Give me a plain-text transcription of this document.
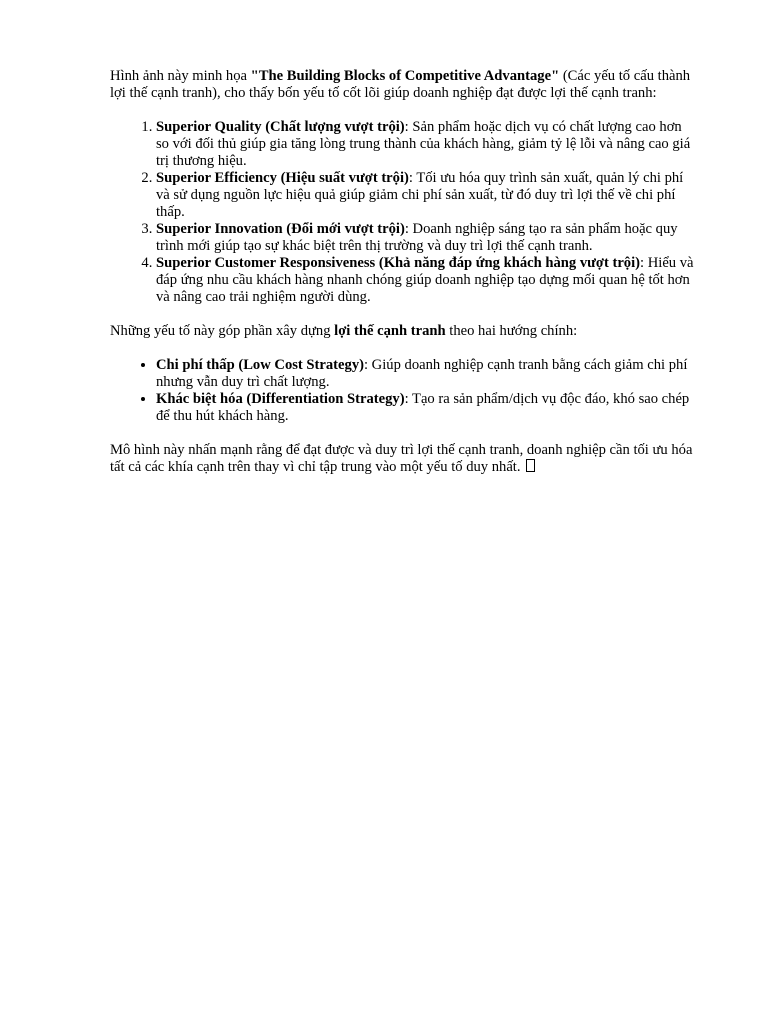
Hình ảnh này minh họa "The Building Blocks of Competitive Advantage" (Các yếu tố cấu thành lợi thế cạnh tranh), cho thấy bốn yếu tố cốt lõi giúp doanh nghiệp đạt được lợi thế cạnh tranh:

1. Superior Quality (Chất lượng vượt trội): Sản phẩm hoặc dịch vụ có chất lượng cao hơn so với đối thủ giúp gia tăng lòng trung thành của khách hàng, giảm tỷ lệ lỗi và nâng cao giá trị thương hiệu.
2. Superior Efficiency (Hiệu suất vượt trội): Tối ưu hóa quy trình sản xuất, quản lý chi phí và sử dụng nguồn lực hiệu quả giúp giảm chi phí sản xuất, từ đó duy trì lợi thế về chi phí thấp.
3. Superior Innovation (Đổi mới vượt trội): Doanh nghiệp sáng tạo ra sản phẩm hoặc quy trình mới giúp tạo sự khác biệt trên thị trường và duy trì lợi thế cạnh tranh.
4. Superior Customer Responsiveness (Khả năng đáp ứng khách hàng vượt trội): Hiểu và đáp ứng nhu cầu khách hàng nhanh chóng giúp doanh nghiệp tạo dựng mối quan hệ tốt hơn và nâng cao trải nghiệm người dùng.

Những yếu tố này góp phần xây dựng lợi thế cạnh tranh theo hai hướng chính:

• Chi phí thấp (Low Cost Strategy): Giúp doanh nghiệp cạnh tranh bằng cách giảm chi phí nhưng vẫn duy trì chất lượng.
• Khác biệt hóa (Differentiation Strategy): Tạo ra sản phẩm/dịch vụ độc đáo, khó sao chép để thu hút khách hàng.

Mô hình này nhấn mạnh rằng để đạt được và duy trì lợi thế cạnh tranh, doanh nghiệp cần tối ưu hóa tất cả các khía cạnh trên thay vì chỉ tập trung vào một yếu tố duy nhất.
